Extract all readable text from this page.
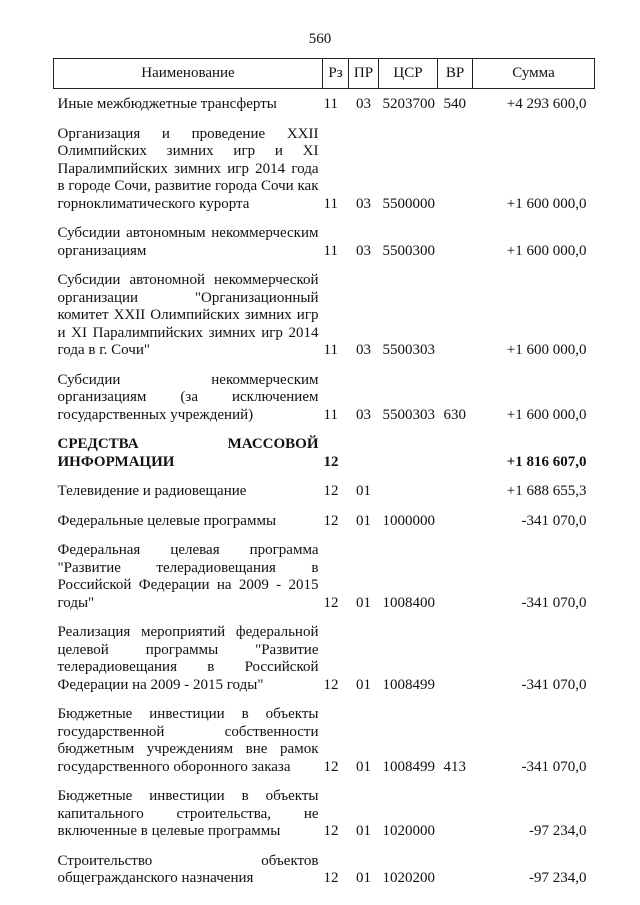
560
Наименование	Рз	ПР	ЦСР	ВР	Сумма
Иные межбюджетные трансферты	11	03	5203700	540	+4 293 600,0
Организация и проведение XXII Олимпийских зимних игр и XI Паралимпийских зимних игр 2014 года в городе Сочи, развитие города Сочи как горноклиматического курорта	11	03	5500000		+1 600 000,0
Субсидии автономным некоммерческим организациям	11	03	5500300		+1 600 000,0
Субсидии автономной некоммерческой организации "Организационный комитет XXII Олимпийских зимних игр и XI Паралимпийских зимних игр 2014 года в г. Сочи"	11	03	5500303		+1 600 000,0
Субсидии некоммерческим организациям (за исключением государственных учреждений)	11	03	5500303	630	+1 600 000,0
СРЕДСТВА МАССОВОЙ ИНФОРМАЦИИ	12				+1 816 607,0
Телевидение и радиовещание	12	01			+1 688 655,3
Федеральные целевые программы	12	01	1000000		-341 070,0
Федеральная целевая программа "Развитие телерадиовещания в Российской Федерации на 2009 - 2015 годы"	12	01	1008400		-341 070,0
Реализация мероприятий федеральной целевой программы "Развитие телерадиовещания в Российской Федерации на 2009 - 2015 годы"	12	01	1008499		-341 070,0
Бюджетные инвестиции в объекты государственной собственности бюджетным учреждениям вне рамок государственного оборонного заказа	12	01	1008499	413	-341 070,0
Бюджетные инвестиции в объекты капитального строительства, не включенные в целевые программы	12	01	1020000		-97 234,0
Строительство объектов общегражданского назначения	12	01	1020200		-97 234,0
